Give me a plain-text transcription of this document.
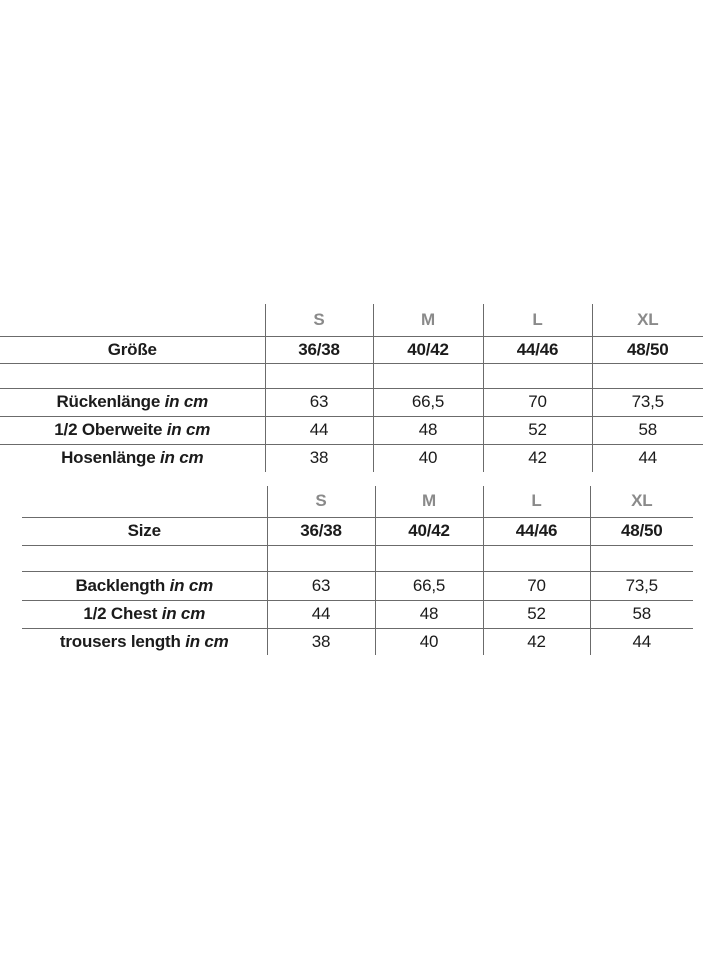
	S	M	L	XL
Größe	36/38	40/42	44/46	48/50

Rückenlänge in cm	63	66,5	70	73,5
1/2 Oberweite in cm	44	48	52	58
Hosenlänge in cm	38	40	42	44
	S	M	L	XL
Size	36/38	40/42	44/46	48/50

Backlength in cm	63	66,5	70	73,5
1/2 Chest in cm	44	48	52	58
trousers length in cm	38	40	42	44
